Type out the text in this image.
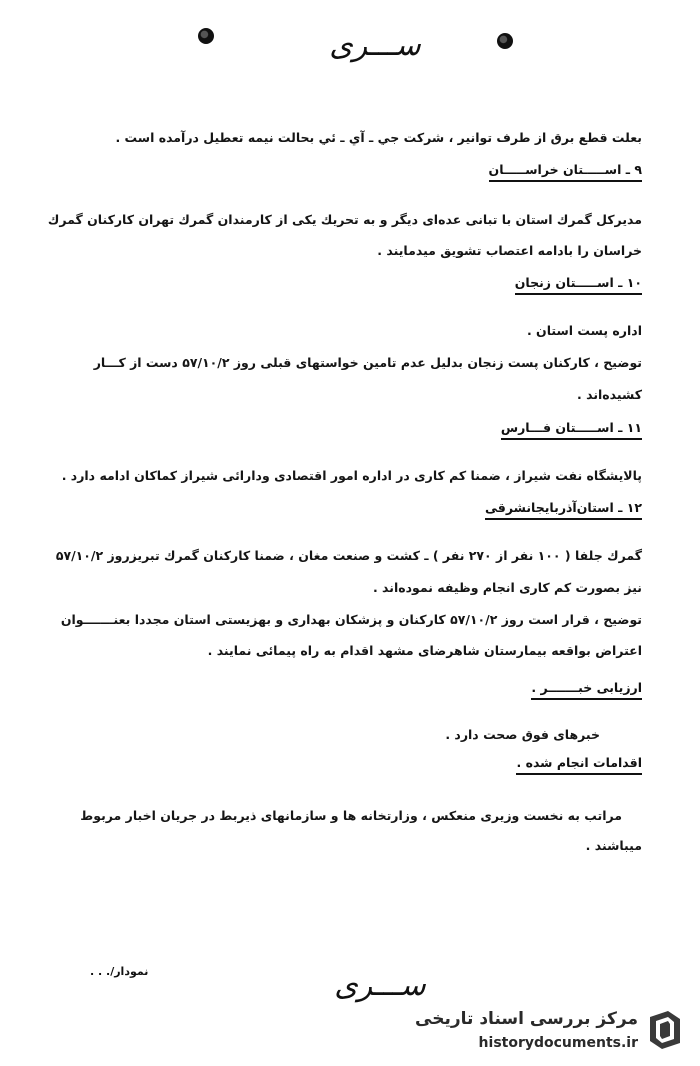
ســـرى
بعلت قطع برق از طرف توانير ، شركت جي ـ آي ـ ئي بحالت نيمه تعطيل درآمده است .
۹ ـ اســـــتان خراســـــان
مديركل گمرك استان با تبانى عده‌اى ديگر و به تحريك يكى از كارمندان گمرك تهران كاركنان گمرك
خراسان را بادامه اعتصاب تشويق ميدمايند .
۱۰ ـ اســـــتان زنجان
اداره پست استان .
توضيح ، كاركنان پست زنجان بدليل عدم تامين خواستهاى قبلى روز ۵۷/۱۰/۲ دست از كـــار
كشيده‌اند .
۱۱ ـ اســـــتان فـــارس
پالايشگاه نفت شيراز ، ضمنا كم كارى در اداره امور اقتصادى ودارائى شيراز كماكان ادامه دارد .
۱۲ ـ استان‌آذربايجانشرقى
گمرك جلفا ( ۱۰۰ نفر از ۲۷۰ نفر ) ـ كشت و صنعت مغان ، ضمنا كاركنان گمرك تبريزروز ۵۷/۱۰/۲
نيز بصورت كم كارى انجام وظيفه نموده‌اند .
توضيح ، قرار است روز ۵۷/۱۰/۲ كاركنان و پزشكان بهدارى و بهزيستى استان مجددا بعنـــــــوان
اعتراض بواقعه بيمارستان شاهرضاى مشهد اقدام به راه پيمائى نمايند .
ارزيابى خبـــــــر .
خبرهاى فوق صحت دارد .
اقدامات انجام شده .
مراتب به نخست وزيرى منعكس ، وزارتخانه ها و سازمانهاى ذيربط در جريان اخبار مربوط
ميباشند .
نمودار/. . .	ســـرى
مرکز بررسی اسناد تاریخی
historydocuments.ir
